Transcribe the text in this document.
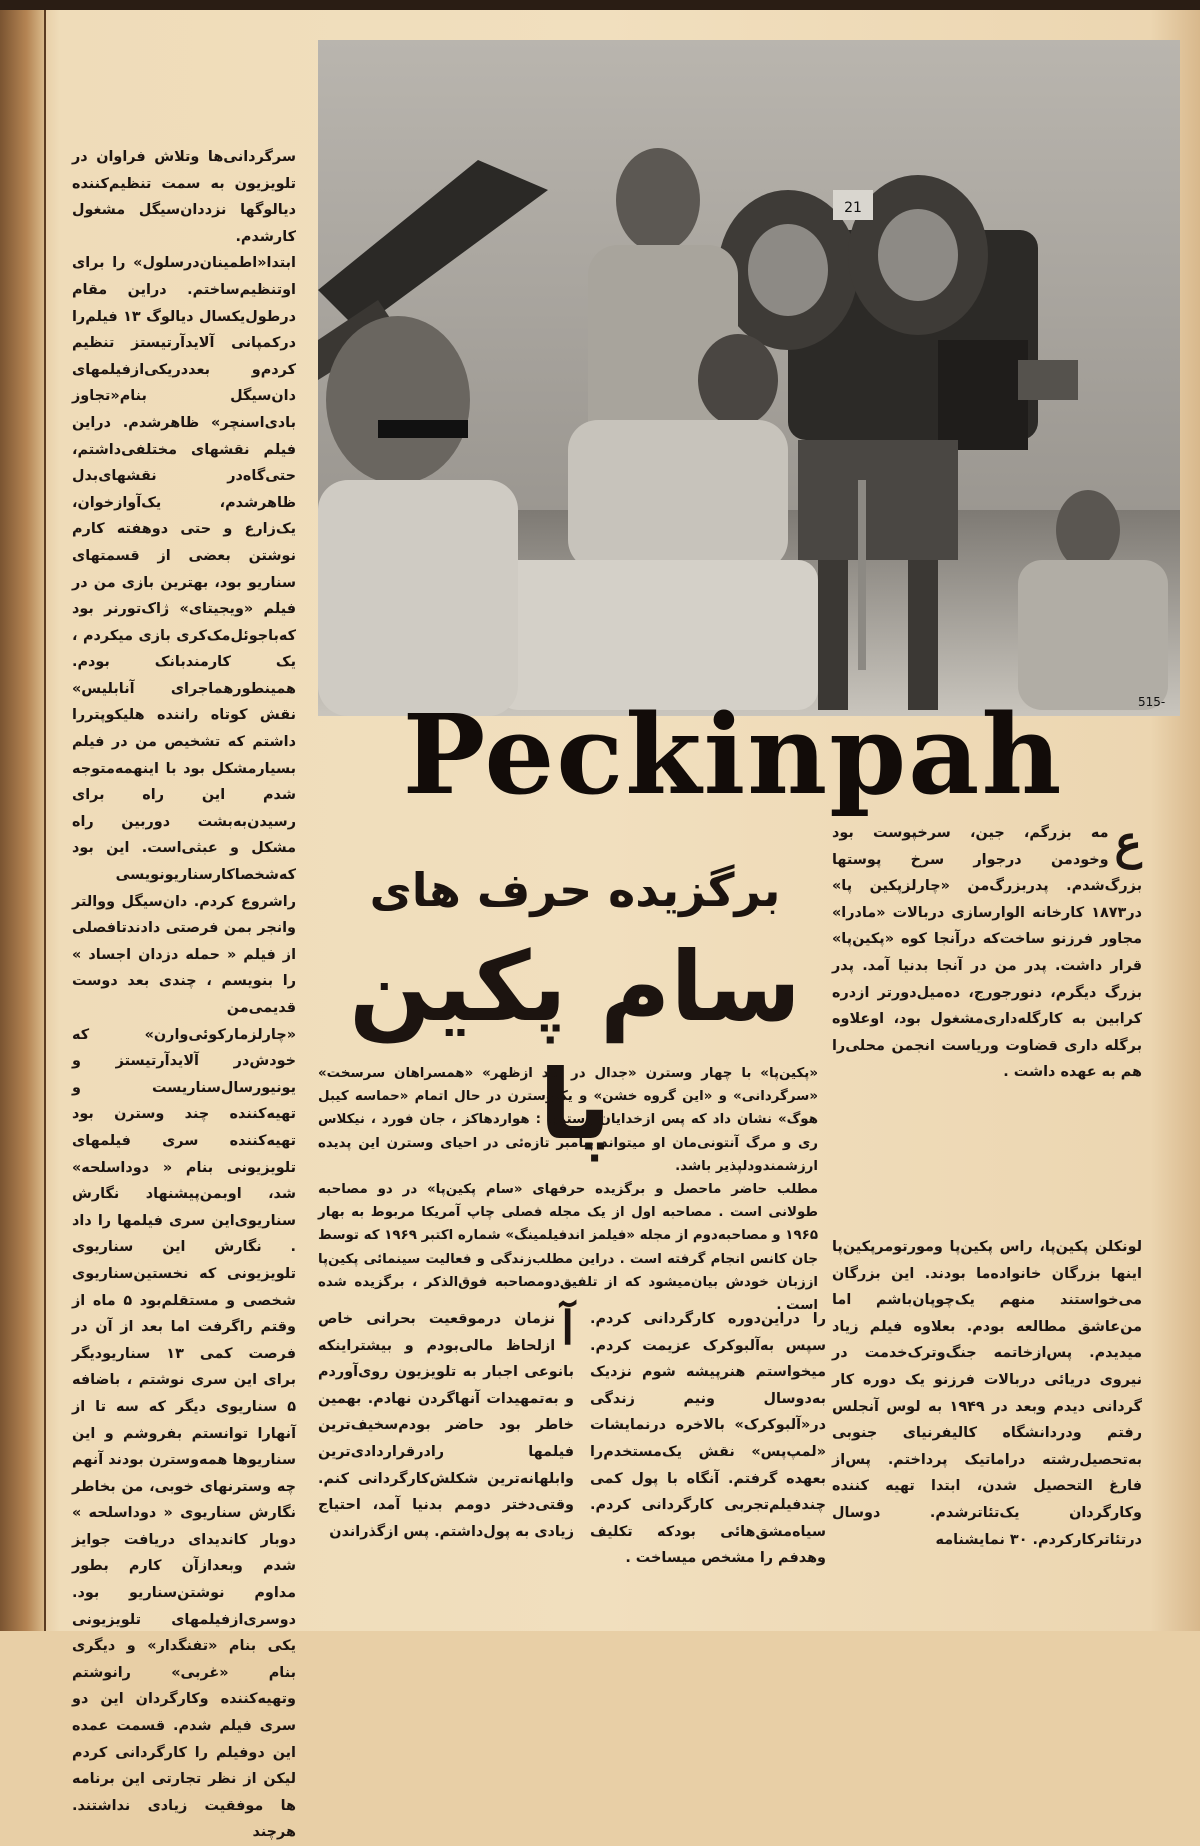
21
515-
Peckinpah
برگزیده حرف های
سام پکین پا

«پکین‌پا» با چهار وسترن «جدال در بعد ازظهر» «همسراهان سرسخت» «سرگردانی» و «این گروه خشن» و یک‌وسترن در حال اتمام «حماسه کیبل هوگ» نشان داد که پس ازخدایان وسترن : هواردهاکز ، جان فورد ، نیکلاس ری و مرگ آنتونی‌مان او میتواند پیامبر تازه‌ئی در احیای وسترن این پدیده ارزشمندودلپذیر باشد.

مطلب حاضر ماحصل و برگزیده حرفهای «سام پکین‌پا» در دو مصاحبه طولانی است . مصاحبه اول از یک مجله فصلی چاپ آمریکا مربوط به بهار ۱۹۶۵ و مصاحبه‌دوم از مجله «فیلمز اندفیلمینگ» شماره اکتبر ۱۹۶۹ که توسط جان کانس انجام گرفته است . دراین مطلب‌زندگی و فعالیت سینمائی پکین‌پا ازز‌بان خودش بیان‌میشود که از تلفیق‌دومصاحبه فوق‌الذکر ، برگزیده شده است .

ع

مه بزرگم، جین، سرخپوست بود وخودمن درجوار سرخ پوستها بزرگ‌شدم. پدربزرگ‌من «چارلزپکین پا» در۱۸۷۳ کارخانه الوارسازی دربالات «مادرا» مجاور فرزنو ساخت‌که درآنجا کوه «پکین‌پا» قرار داشت. پدر من در آنجا بدنیا آمد. پدر بزرگ دیگرم، دنورجورج، ده‌میل‌دورتر ازدره کرابین به کارگله‌داری‌مشغول بود، اوعلاوه برگله داری قضاوت وریاست انجمن محلی‌را هم به عهده داشت .

لونکلن پکین‌پا، راس پکین‌پا ومورتومرپکین‌پا اینها بزرگان خانواده‌ما بودند. این بزرگان می‌خواستند منهم یک‌چوپان‌باشم اما من‌عاشق مطالعه بودم. بعلاوه فیلم زیاد میدیدم. پس‌ازخاتمه جنگ‌وترک‌خدمت در نیروی دریائی دربالات فرزنو یک دوره کار گردانی دیدم وبعد در ۱۹۴۹ به لوس آنجلس رفتم ودردانشگاه کالیفرنیای جنوبی به‌تحصیل‌رشته دراماتیک پرداختم. پس‌از فارغ التحصیل شدن، ابتدا تهیه کننده وکارگردان یک‌تئاترشدم. دوسال درتئاترکارکردم. ۳۰ نمایشنامه

را دراین‌دوره کارگردانی کردم. سپس به‌آلبوکرک عزیمت کردم. میخواستم هنرپیشه شوم نزدیک به‌دوسال ونیم زندگی در«آلبوکرک» بالاخره درنمایشات «لمپ‌پس» نقش یک‌مستخدم‌را بعهده گرفتم. آنگاه با پول کمی چندفیلم‌تجربی کارگردانی کردم. سیاه‌مشق‌هائی بودکه تکلیف وهدفم را مشخص میساخت .

آ

نزمان درموقعیت بحرانی خاص ازلحاظ مالی‌بودم و بیشتراینکه بانوعی اجبار به تلویزیون روی‌آوردم و به‌تمهیدات آنها‌گردن نهادم. بهمین خاطر بود حاضر بودم‌سخیف‌ترین فیلمها رادرقراردادی‌ترین وابلهانه‌ترین شکلش‌کارگردانی کنم. وقتی‌دختر دومم بدنیا آمد، احتیاج زیادی به پول‌داشتم. پس ازگذراندن

سرگردانی‌ها وتلاش فراوان در تلویزیون به سمت تنظیم‌کننده دیالوگها نزددان‌سیگل مشغول کارشدم. ابتدا«اطمینان‌درسلول» را برای اوتنظیم‌ساختم. دراین مقام درطول‌یکسال دیالوگ ۱۳ فیلم‌را درکمپانی آلایدآرتیستز تنظیم کردم‌و بعددریکی‌ازفیلمهای دان‌سیگل بنام«تجاوز بادی‌اسنچر» ظاهرشدم. دراین فیلم نقشهای مختلفی‌داشتم، حتی‌گاه‌در نقشهای‌بدل ظاهرشدم، یک‌آوازخوان، یک‌زارع و حتی دوهفته کارم نوشتن بعضی از قسمتهای سناریو بود، بهترین بازی من در فیلم «ویجیتای» ژاک‌تورنر بود که‌باجوئل‌مک‌کری بازی میکردم ، یک کارمندبانک بودم. همینطورهماجرای آنابلیس» نقش کوتاه راننده هلیکوپتر‌را داشتم که تشخیص من در فیلم بسیارمشکل بود با اینهمه‌متوجه شدم این راه برای رسیدن‌به‌بشت دوربین راه مشکل و عبثی‌است. این بود که‌شخصا‌کارسناریونویسی راشروع کردم. دان‌سیگل ووالتر وانجر بمن فرصتی دادندتا‌فصلی از فیلم « حمله دزدان اجساد » را بنویسم ، چندی بعد دوست قدیمی‌من «چارلزمارکوئی‌وارن» که خودش‌در آلایدآرتیستز و یونیورسال‌سناریست و تهیه‌کننده چند وسترن بود تهیه‌کننده سری فیلمهای تلویزیونی بنام « دودا‌سلحه» شد، او‌بمن‌پیشنهاد نگارش سناریوی‌این سری فیلمها را داد . نگارش این سناریوی تلویزیونی‌ که نخستین‌سناریوی شخصی و مستقلم‌بود ۵ ماه از وقتم راگرفت اما بعد از آن در فرصت کمی ۱۳ سناریو‌دیگر برای این سری نوشتم ، باضافه ۵ سناریوی دیگر که سه تا از آنهارا توانستم بفروشم و این سناریوها همه‌وسترن بودند آنهم چه وسترنهای خوبی، من بخاطر نگارش سناریوی « دودا‌سلحه » دوبار کاندیدای دریافت جوایز شدم وبعدازآن کارم بطور مداوم نوشتن‌سناریو بود. دوسری‌ازفیلمهای تلویزیونی یکی بنام «تفنگدار» و دیگری بنام «غربی» رانوشتم وتهیه‌کننده وکارگردان این دو سری فیلم شدم. قسمت عمده این دوفیلم را کارگردانی کردم لیکن از نظر تجارتی این برنامه ها موفقیت زیادی نداشتند. هرچند
